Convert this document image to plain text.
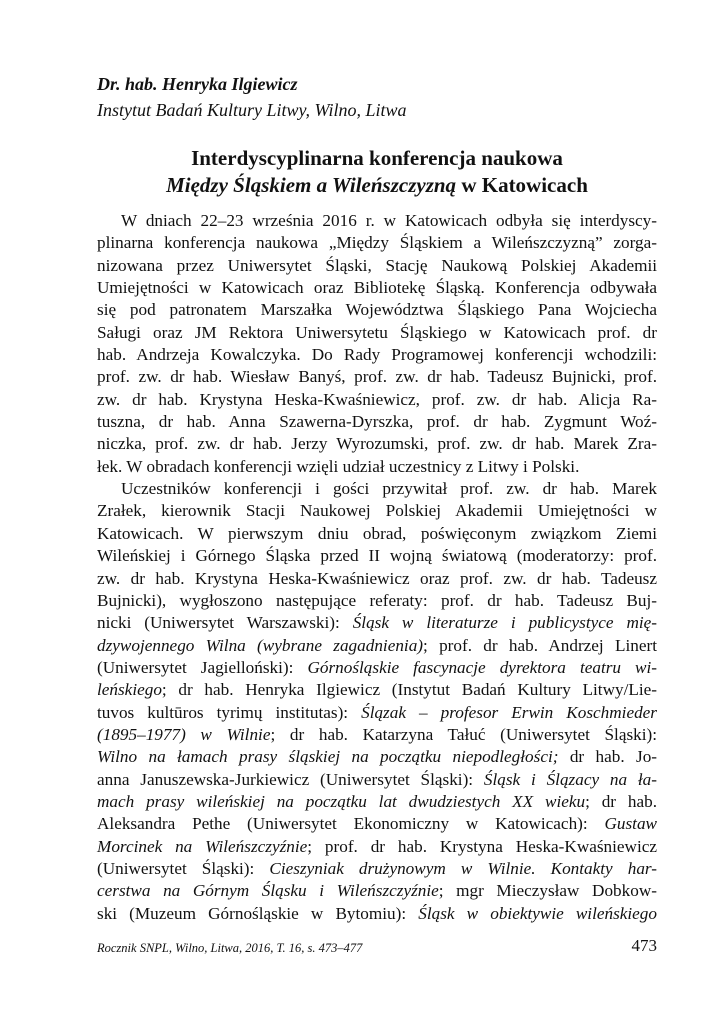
Dr. hab. Henryka Ilgiewicz
Instytut Badań Kultury Litwy, Wilno, Litwa
Interdyscyplinarna konferencja naukowa
Między Śląskiem a Wileńszczyzną w Katowicach
W dniach 22–23 września 2016 r. w Katowicach odbyła się interdyscy-
plinarna konferencja naukowa „Między Śląskiem a Wileńszczyzną” zorga-
nizowana przez Uniwersytet Śląski, Stację Naukową Polskiej Akademii
Umiejętności w Katowicach oraz Bibliotekę Śląską. Konferencja odbywała
się pod patronatem Marszałka Województwa Śląskiego Pana Wojciecha
Saługi oraz JM Rektora Uniwersytetu Śląskiego w Katowicach prof. dr
hab. Andrzeja Kowalczyka. Do Rady Programowej konferencji wchodzili:
prof. zw. dr hab. Wiesław Banyś, prof. zw. dr hab. Tadeusz Bujnicki, prof.
zw. dr hab. Krystyna Heska-Kwaśniewicz, prof. zw. dr hab. Alicja Ra-
tuszna, dr hab. Anna Szawerna-Dyrszka, prof. dr hab. Zygmunt Woź-
niczka, prof. zw. dr hab. Jerzy Wyrozumski, prof. zw. dr hab. Marek Zra-
łek. W obradach konferencji wzięli udział uczestnicy z Litwy i Polski.
Uczestników konferencji i gości przywitał prof. zw. dr hab. Marek
Zrałek, kierownik Stacji Naukowej Polskiej Akademii Umiejętności w
Katowicach. W pierwszym dniu obrad, poświęconym związkom Ziemi
Wileńskiej i Górnego Śląska przed II wojną światową (moderatorzy: prof.
zw. dr hab. Krystyna Heska-Kwaśniewicz oraz prof. zw. dr hab. Tadeusz
Bujnicki), wygłoszono następujące referaty: prof. dr hab. Tadeusz Buj-
nicki (Uniwersytet Warszawski): Śląsk w literaturze i publicystyce mię-
dzywojennego Wilna (wybrane zagadnienia); prof. dr hab. Andrzej Linert
(Uniwersytet Jagielloński): Górnośląskie fascynacje dyrektora teatru wi-
leńskiego; dr hab. Henryka Ilgiewicz (Instytut Badań Kultury Litwy/Lie-
tuvos kultūros tyrimų institutas): Ślązak – profesor Erwin Koschmieder
(1895–1977) w Wilnie; dr hab. Katarzyna Tałuć (Uniwersytet Śląski):
Wilno na łamach prasy śląskiej na początku niepodległości; dr hab. Jo-
anna Januszewska-Jurkiewicz (Uniwersytet Śląski): Śląsk i Ślązacy na ła-
mach prasy wileńskiej na początku lat dwudziestych XX wieku; dr hab.
Aleksandra Pethe (Uniwersytet Ekonomiczny w Katowicach): Gustaw
Morcinek na Wileńszczyźnie; prof. dr hab. Krystyna Heska-Kwaśniewicz
(Uniwersytet Śląski): Cieszyniak drużynowym w Wilnie. Kontakty har-
cerstwa na Górnym Śląsku i Wileńszczyźnie; mgr Mieczysław Dobkow-
ski (Muzeum Górnośląskie w Bytomiu): Śląsk w obiektywie wileńskiego
Rocznik SNPL, Wilno, Litwa, 2016, T. 16, s. 473–477	473
